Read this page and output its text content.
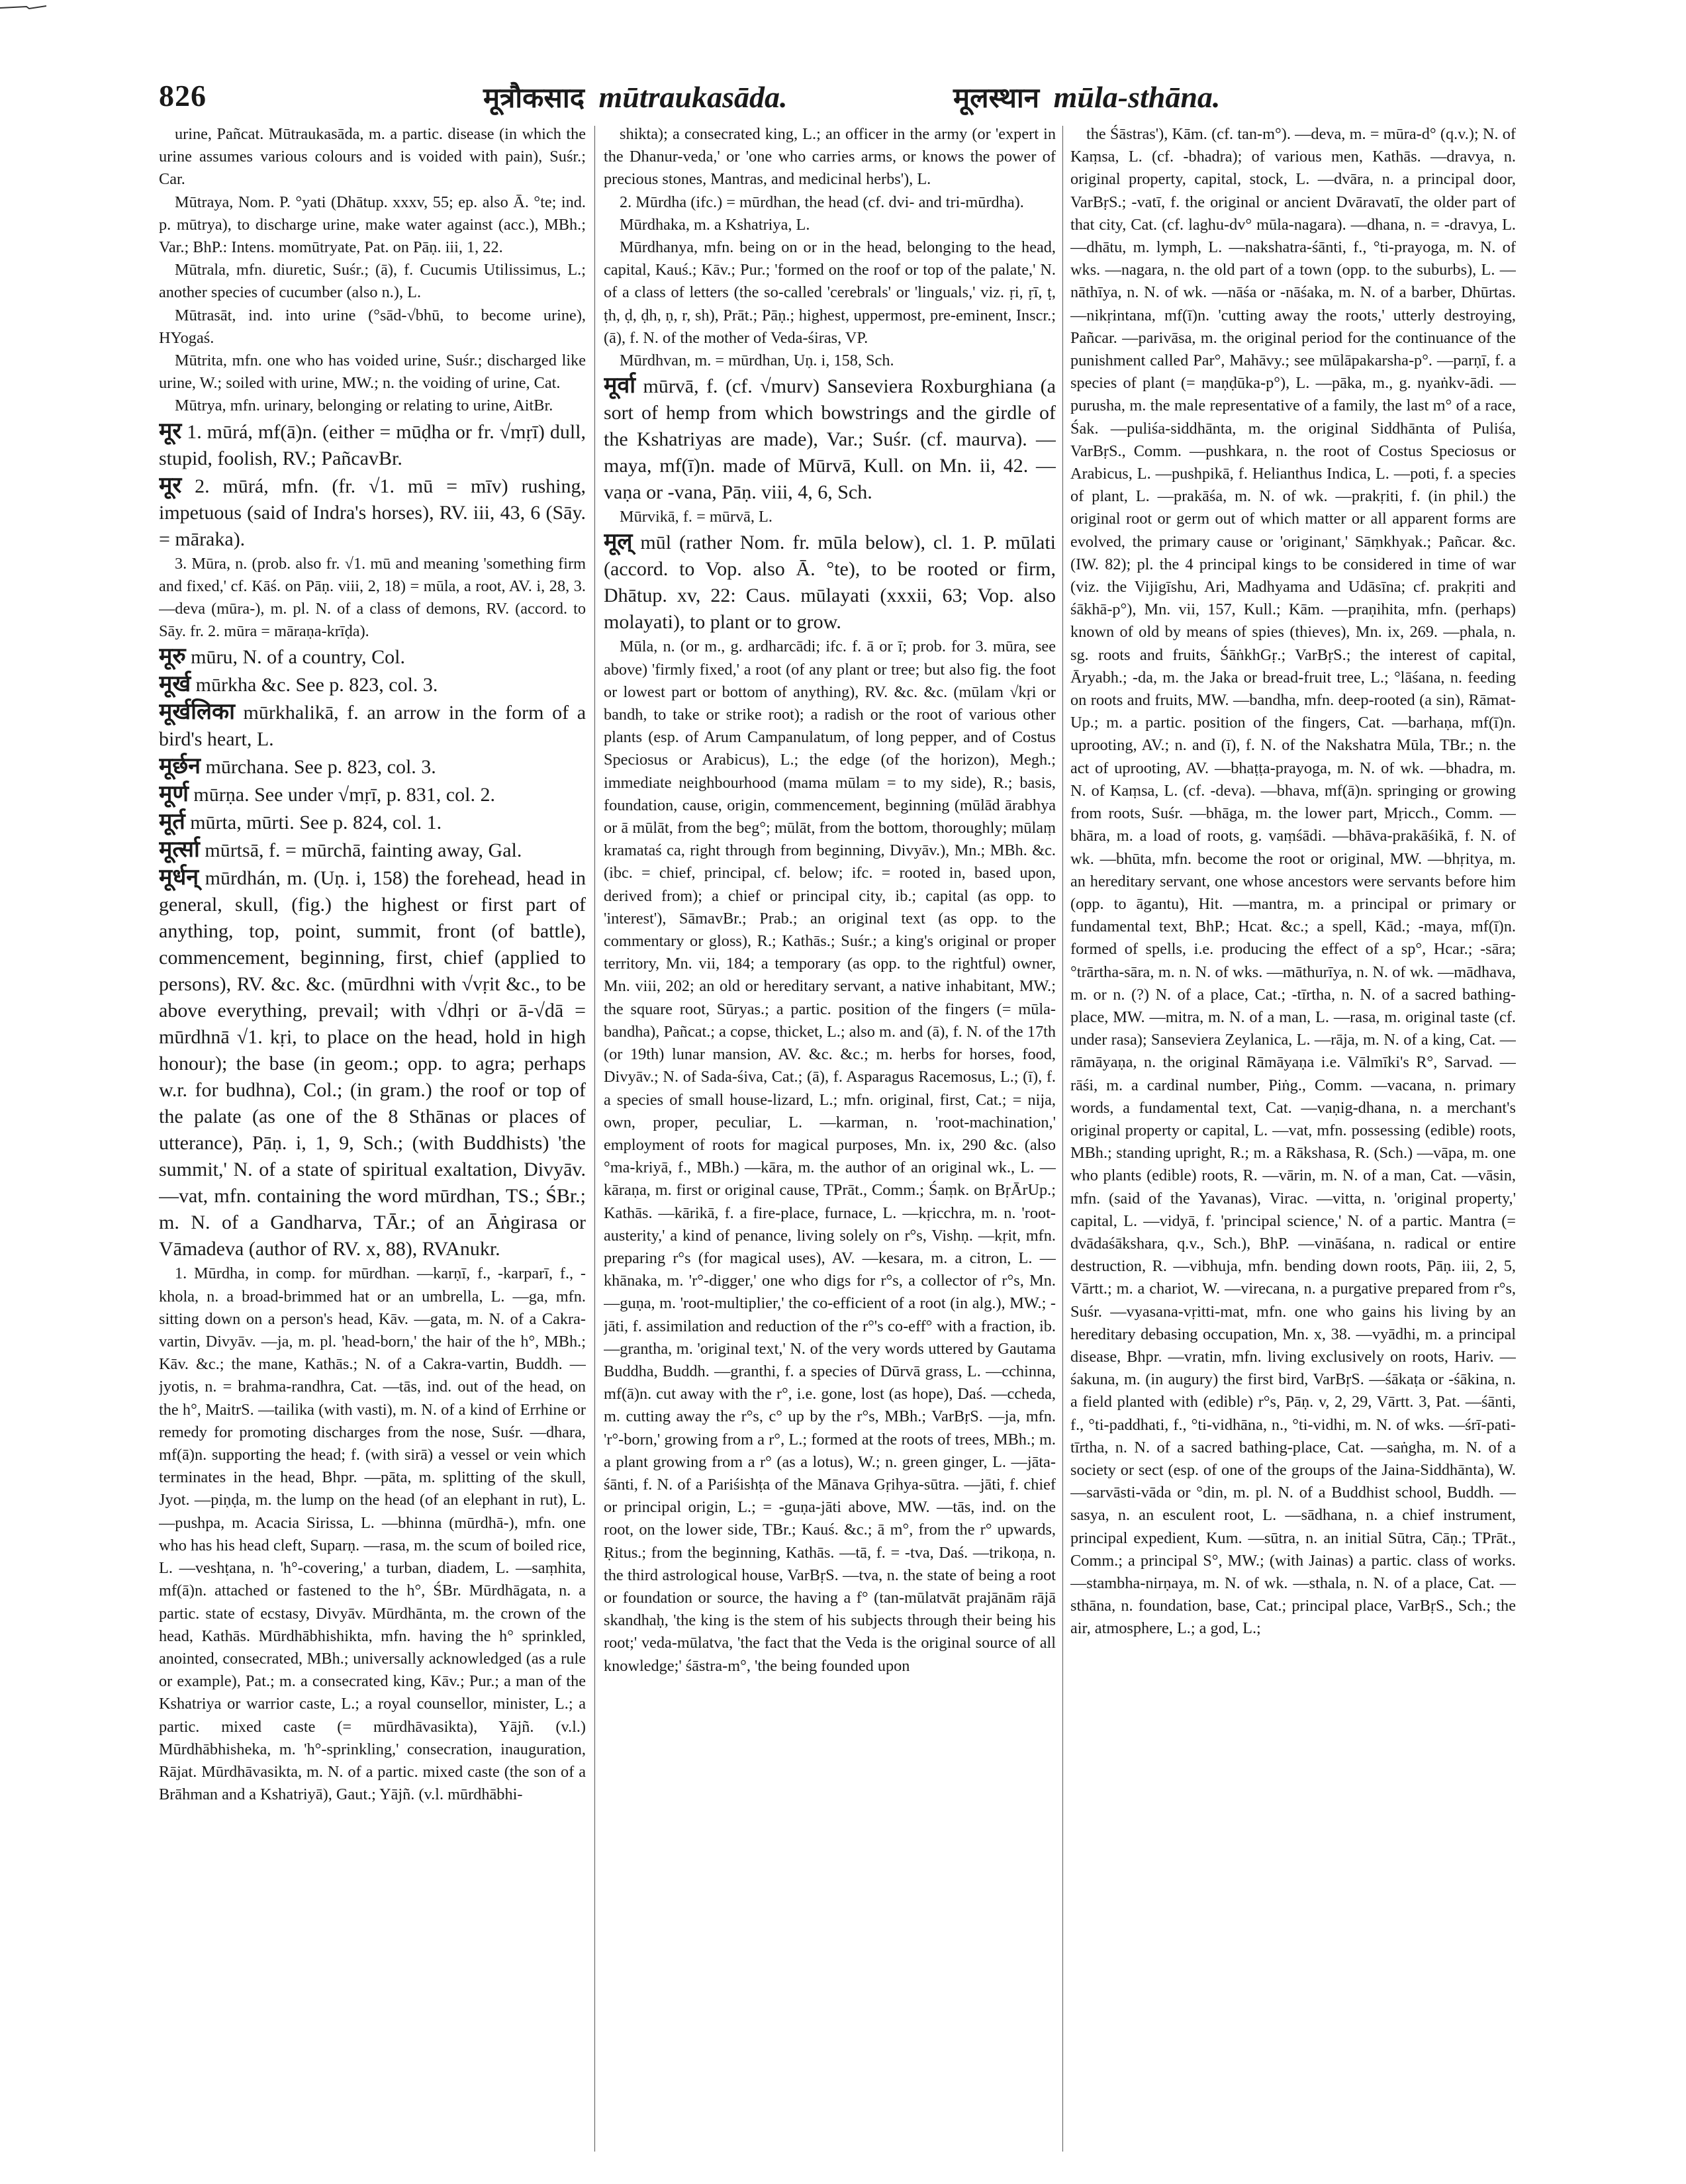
826	मूत्रौकसाद mūtraukasāda.	मूलस्थान mūla-sthāna.

urine, Pañcat. Mūtraukasāda, m. a partic. disease (in which the urine assumes various colours and is voided with pain), Suśr.; Car.

Mūtraya, Nom. P. °yati (Dhātup. xxxv, 55; ep. also Ā. °te; ind. p. mūtrya), to discharge urine, make water against (acc.), MBh.; Var.; BhP.: Intens. momūtryate, Pat. on Pāṇ. iii, 1, 22.

Mūtrala, mfn. diuretic, Suśr.; (ā), f. Cucumis Utilissimus, L.; another species of cucumber (also n.), L.

Mūtrasāt, ind. into urine (°sād-√bhū, to become urine), HYogaś.

Mūtrita, mfn. one who has voided urine, Suśr.; discharged like urine, W.; soiled with urine, MW.; n. the voiding of urine, Cat.

Mūtrya, mfn. urinary, belonging or relating to urine, AitBr.

मूर 1. mūrá, mf(ā)n. (either = mūḍha or fr. √mṛī) dull, stupid, foolish, RV.; PañcavBr.

मूर 2. mūrá, mfn. (fr. √1. mū = mīv) rushing, impetuous (said of Indra's horses), RV. iii, 43, 6 (Sāy. = māraka).

3. Mūra, n. (prob. also fr. √1. mū and meaning 'something firm and fixed,' cf. Kāś. on Pāṇ. viii, 2, 18) = mūla, a root, AV. i, 28, 3. —deva (mūra-), m. pl. N. of a class of demons, RV. (accord. to Sāy. fr. 2. mūra = māraṇa-krīḍa).

मूरु mūru, N. of a country, Col.

मूर्ख mūrkha &c. See p. 823, col. 3.

मूर्खलिका mūrkhalikā, f. an arrow in the form of a bird's heart, L.

मूर्छन mūrchana. See p. 823, col. 3.

मूर्ण mūrṇa. See under √mṛī, p. 831, col. 2.

मूर्त mūrta, mūrti. See p. 824, col. 1.

मूर्त्सा mūrtsā, f. = mūrchā, fainting away, Gal.

मूर्धन् mūrdhán, m. (Uṇ. i, 158) the forehead, head in general, skull, (fig.) the highest or first part of anything, top, point, summit, front (of battle), commencement, beginning, first, chief (applied to persons), RV. &c. &c. (mūrdhni with √vṛit &c., to be above everything, prevail; with √dhṛi or ā-√dā = mūrdhnā √1. kṛi, to place on the head, hold in high honour); the base (in geom.; opp. to agra; perhaps w.r. for budhna), Col.; (in gram.) the roof or top of the palate (as one of the 8 Sthānas or places of utterance), Pāṇ. i, 1, 9, Sch.; (with Buddhists) 'the summit,' N. of a state of spiritual exaltation, Divyāv. —vat, mfn. containing the word mūrdhan, TS.; ŚBr.; m. N. of a Gandharva, TĀr.; of an Āṅgirasa or Vāmadeva (author of RV. x, 88), RVAnukr.

1. Mūrdha, in comp. for mūrdhan. —karṇī, f., -karparī, f., -khola, n. a broad-brimmed hat or an umbrella, L. —ga, mfn. sitting down on a person's head, Kāv. —gata, m. N. of a Cakra-vartin, Divyāv. —ja, m. pl. 'head-born,' the hair of the h°, MBh.; Kāv. &c.; the mane, Kathās.; N. of a Cakra-vartin, Buddh. —jyotis, n. = brahma-randhra, Cat. —tās, ind. out of the head, on the h°, MaitrS. —tailika (with vasti), m. N. of a kind of Errhine or remedy for promoting discharges from the nose, Suśr. —dhara, mf(ā)n. supporting the head; f. (with sirā) a vessel or vein which terminates in the head, Bhpr. —pāta, m. splitting of the skull, Jyot. —piṇḍa, m. the lump on the head (of an elephant in rut), L. —pushpa, m. Acacia Sirissa, L. —bhinna (mūrdhā-), mfn. one who has his head cleft, Suparṇ. —rasa, m. the scum of boiled rice, L. —veshṭana, n. 'h°-covering,' a turban, diadem, L. —saṃhita, mf(ā)n. attached or fastened to the h°, ŚBr. Mūrdhāgata, n. a partic. state of ecstasy, Divyāv. Mūrdhānta, m. the crown of the head, Kathās. Mūrdhābhishikta, mfn. having the h° sprinkled, anointed, consecrated, MBh.; universally acknowledged (as a rule or example), Pat.; m. a consecrated king, Kāv.; Pur.; a man of the Kshatriya or warrior caste, L.; a royal counsellor, minister, L.; a partic. mixed caste (= mūrdhāvasikta), Yājñ. (v.l.) Mūrdhābhisheka, m. 'h°-sprinkling,' consecration, inauguration, Rājat. Mūrdhāvasikta, m. N. of a partic. mixed caste (the son of a Brāhman and a Kshatriyā), Gaut.; Yājñ. (v.l. mūrdhābhi-

shikta); a consecrated king, L.; an officer in the army (or 'expert in the Dhanur-veda,' or 'one who carries arms, or knows the power of precious stones, Mantras, and medicinal herbs'), L.

2. Mūrdha (ifc.) = mūrdhan, the head (cf. dvi- and tri-mūrdha).

Mūrdhaka, m. a Kshatriya, L.

Mūrdhanya, mfn. being on or in the head, belonging to the head, capital, Kauś.; Kāv.; Pur.; 'formed on the roof or top of the palate,' N. of a class of letters (the so-called 'cerebrals' or 'linguals,' viz. ṛi, ṛī, ṭ, ṭh, ḍ, ḍh, ṇ, r, sh), Prāt.; Pāṇ.; highest, uppermost, pre-eminent, Inscr.; (ā), f. N. of the mother of Veda-śiras, VP.

Mūrdhvan, m. = mūrdhan, Uṇ. i, 158, Sch.

मूर्वा mūrvā, f. (cf. √murv) Sanseviera Roxburghiana (a sort of hemp from which bowstrings and the girdle of the Kshatriyas are made), Var.; Suśr. (cf. maurva). —maya, mf(ī)n. made of Mūrvā, Kull. on Mn. ii, 42. —vaṇa or -vana, Pāṇ. viii, 4, 6, Sch.

Mūrvikā, f. = mūrvā, L.

मूल् mūl (rather Nom. fr. mūla below), cl. 1. P. mūlati (accord. to Vop. also Ā. °te), to be rooted or firm, Dhātup. xv, 22: Caus. mūlayati (xxxii, 63; Vop. also molayati), to plant or to grow.

Mūla, n. (or m., g. ardharcādi; ifc. f. ā or ī; prob. for 3. mūra, see above) 'firmly fixed,' a root (of any plant or tree; but also fig. the foot or lowest part or bottom of anything), RV. &c. &c. (mūlam √kṛi or bandh, to take or strike root); a radish or the root of various other plants (esp. of Arum Campanulatum, of long pepper, and of Costus Speciosus or Arabicus), L.; the edge (of the horizon), Megh.; immediate neighbourhood (mama mūlam = to my side), R.; basis, foundation, cause, origin, commencement, beginning (mūlād ārabhya or ā mūlāt, from the beg°; mūlāt, from the bottom, thoroughly; mūlaṃ kramataś ca, right through from beginning, Divyāv.), Mn.; MBh. &c. (ibc. = chief, principal, cf. below; ifc. = rooted in, based upon, derived from); a chief or principal city, ib.; capital (as opp. to 'interest'), SāmavBr.; Prab.; an original text (as opp. to the commentary or gloss), R.; Kathās.; Suśr.; a king's original or proper territory, Mn. vii, 184; a temporary (as opp. to the rightful) owner, Mn. viii, 202; an old or hereditary servant, a native inhabitant, MW.; the square root, Sūryas.; a partic. position of the fingers (= mūla-bandha), Pañcat.; a copse, thicket, L.; also m. and (ā), f. N. of the 17th (or 19th) lunar mansion, AV. &c. &c.; m. herbs for horses, food, Divyāv.; N. of Sada-śiva, Cat.; (ā), f. Asparagus Racemosus, L.; (ī), f. a species of small house-lizard, L.; mfn. original, first, Cat.; = nija, own, proper, peculiar, L. —karman, n. 'root-machination,' employment of roots for magical purposes, Mn. ix, 290 &c. (also °ma-kriyā, f., MBh.) —kāra, m. the author of an original wk., L. —kāraṇa, m. first or original cause, TPrāt., Comm.; Śaṃk. on BṛĀrUp.; Kathās. —kārikā, f. a fire-place, furnace, L. —kṛicchra, m. n. 'root-austerity,' a kind of penance, living solely on r°s, Vishṇ. —kṛit, mfn. preparing r°s (for magical uses), AV. —kesara, m. a citron, L. —khānaka, m. 'r°-digger,' one who digs for r°s, a collector of r°s, Mn. —guṇa, m. 'root-multiplier,' the co-efficient of a root (in alg.), MW.; -jāti, f. assimilation and reduction of the r°'s co-eff° with a fraction, ib. —grantha, m. 'original text,' N. of the very words uttered by Gautama Buddha, Buddh. —granthi, f. a species of Dūrvā grass, L. —cchinna, mf(ā)n. cut away with the r°, i.e. gone, lost (as hope), Daś. —ccheda, m. cutting away the r°s, c° up by the r°s, MBh.; VarBṛS. —ja, mfn. 'r°-born,' growing from a r°, L.; formed at the roots of trees, MBh.; m. a plant growing from a r° (as a lotus), W.; n. green ginger, L. —jāta-śānti, f. N. of a Pariśishṭa of the Mānava Gṛihya-sūtra. —jāti, f. chief or principal origin, L.; = -guṇa-jāti above, MW. —tās, ind. on the root, on the lower side, TBr.; Kauś. &c.; ā m°, from the r° upwards, Ṛitus.; from the beginning, Kathās. —tā, f. = -tva, Daś. —trikoṇa, n. the third astrological house, VarBṛS. —tva, n. the state of being a root or foundation or source, the having a f° (tan-mūlatvāt prajānām rājā skandhaḥ, 'the king is the stem of his subjects through their being his root;' veda-mūlatva, 'the fact that the Veda is the original source of all knowledge;' śāstra-m°, 'the being founded upon

the Śāstras'), Kām. (cf. tan-m°). —deva, m. = mūra-d° (q.v.); N. of Kaṃsa, L. (cf. -bhadra); of various men, Kathās. —dravya, n. original property, capital, stock, L. —dvāra, n. a principal door, VarBṛS.; -vatī, f. the original or ancient Dvāravatī, the older part of that city, Cat. (cf. laghu-dv° mūla-nagara). —dhana, n. = -dravya, L. —dhātu, m. lymph, L. —nakshatra-śānti, f., °ti-prayoga, m. N. of wks. —nagara, n. the old part of a town (opp. to the suburbs), L. —nāthīya, n. N. of wk. —nāśa or -nāśaka, m. N. of a barber, Dhūrtas. —nikṛintana, mf(ī)n. 'cutting away the roots,' utterly destroying, Pañcar. —parivāsa, m. the original period for the continuance of the punishment called Par°, Mahāvy.; see mūlāpakarsha-p°. —parṇī, f. a species of plant (= maṇḍūka-p°), L. —pāka, m., g. nyaṅkv-ādi. —purusha, m. the male representative of a family, the last m° of a race, Śak. —puliśa-siddhānta, m. the original Siddhānta of Puliśa, VarBṛS., Comm. —pushkara, n. the root of Costus Speciosus or Arabicus, L. —pushpikā, f. Helianthus Indica, L. —poti, f. a species of plant, L. —prakāśa, m. N. of wk. —prakṛiti, f. (in phil.) the original root or germ out of which matter or all apparent forms are evolved, the primary cause or 'originant,' Sāṃkhyak.; Pañcar. &c. (IW. 82); pl. the 4 principal kings to be considered in time of war (viz. the Vijigīshu, Ari, Madhyama and Udāsīna; cf. prakṛiti and śākhā-p°), Mn. vii, 157, Kull.; Kām. —praṇihita, mfn. (perhaps) known of old by means of spies (thieves), Mn. ix, 269. —phala, n. sg. roots and fruits, ŚāṅkhGṛ.; VarBṛS.; the interest of capital, Āryabh.; -da, m. the Jaka or bread-fruit tree, L.; °lāśana, n. feeding on roots and fruits, MW. —bandha, mfn. deep-rooted (a sin), Rāmat-Up.; m. a partic. position of the fingers, Cat. —barhaṇa, mf(ī)n. uprooting, AV.; n. and (ī), f. N. of the Nakshatra Mūla, TBr.; n. the act of uprooting, AV. —bhaṭṭa-prayoga, m. N. of wk. —bhadra, m. N. of Kaṃsa, L. (cf. -deva). —bhava, mf(ā)n. springing or growing from roots, Suśr. —bhāga, m. the lower part, Mṛicch., Comm. —bhāra, m. a load of roots, g. vaṃśādi. —bhāva-prakāśikā, f. N. of wk. —bhūta, mfn. become the root or original, MW. —bhṛitya, m. an hereditary servant, one whose ancestors were servants before him (opp. to āgantu), Hit. —mantra, m. a principal or primary or fundamental text, BhP.; Hcat. &c.; a spell, Kād.; -maya, mf(ī)n. formed of spells, i.e. producing the effect of a sp°, Hcar.; -sāra; °trārtha-sāra, m. n. N. of wks. —māthurīya, n. N. of wk. —mādhava, m. or n. (?) N. of a place, Cat.; -tīrtha, n. N. of a sacred bathing-place, MW. —mitra, m. N. of a man, L. —rasa, m. original taste (cf. under rasa); Sanseviera Zeylanica, L. —rāja, m. N. of a king, Cat. —rāmāyaṇa, n. the original Rāmāyaṇa i.e. Vālmīki's R°, Sarvad. —rāśi, m. a cardinal number, Piṅg., Comm. —vacana, n. primary words, a fundamental text, Cat. —vaṇig-dhana, n. a merchant's original property or capital, L. —vat, mfn. possessing (edible) roots, MBh.; standing upright, R.; m. a Rākshasa, R. (Sch.) —vāpa, m. one who plants (edible) roots, R. —vārin, m. N. of a man, Cat. —vāsin, mfn. (said of the Yavanas), Virac. —vitta, n. 'original property,' capital, L. —vidyā, f. 'principal science,' N. of a partic. Mantra (= dvādaśākshara, q.v., Sch.), BhP. —vināśana, n. radical or entire destruction, R. —vibhuja, mfn. bending down roots, Pāṇ. iii, 2, 5, Vārtt.; m. a chariot, W. —virecana, n. a purgative prepared from r°s, Suśr. —vyasana-vṛitti-mat, mfn. one who gains his living by an hereditary debasing occupation, Mn. x, 38. —vyādhi, m. a principal disease, Bhpr. —vratin, mfn. living exclusively on roots, Hariv. —śakuna, m. (in augury) the first bird, VarBṛS. —śākaṭa or -śākina, n. a field planted with (edible) r°s, Pāṇ. v, 2, 29, Vārtt. 3, Pat. —śānti, f., °ti-paddhati, f., °ti-vidhāna, n., °ti-vidhi, m. N. of wks. —śrī-pati-tīrtha, n. N. of a sacred bathing-place, Cat. —saṅgha, m. N. of a society or sect (esp. of one of the groups of the Jaina-Siddhānta), W. —sarvāsti-vāda or °din, m. pl. N. of a Buddhist school, Buddh. —sasya, n. an esculent root, L. —sādhana, n. a chief instrument, principal expedient, Kum. —sūtra, n. an initial Sūtra, Cāṇ.; TPrāt., Comm.; a principal S°, MW.; (with Jainas) a partic. class of works. —stambha-nirṇaya, m. N. of wk. —sthala, n. N. of a place, Cat. —sthāna, n. foundation, base, Cat.; principal place, VarBṛS., Sch.; the air, atmosphere, L.; a god, L.;
